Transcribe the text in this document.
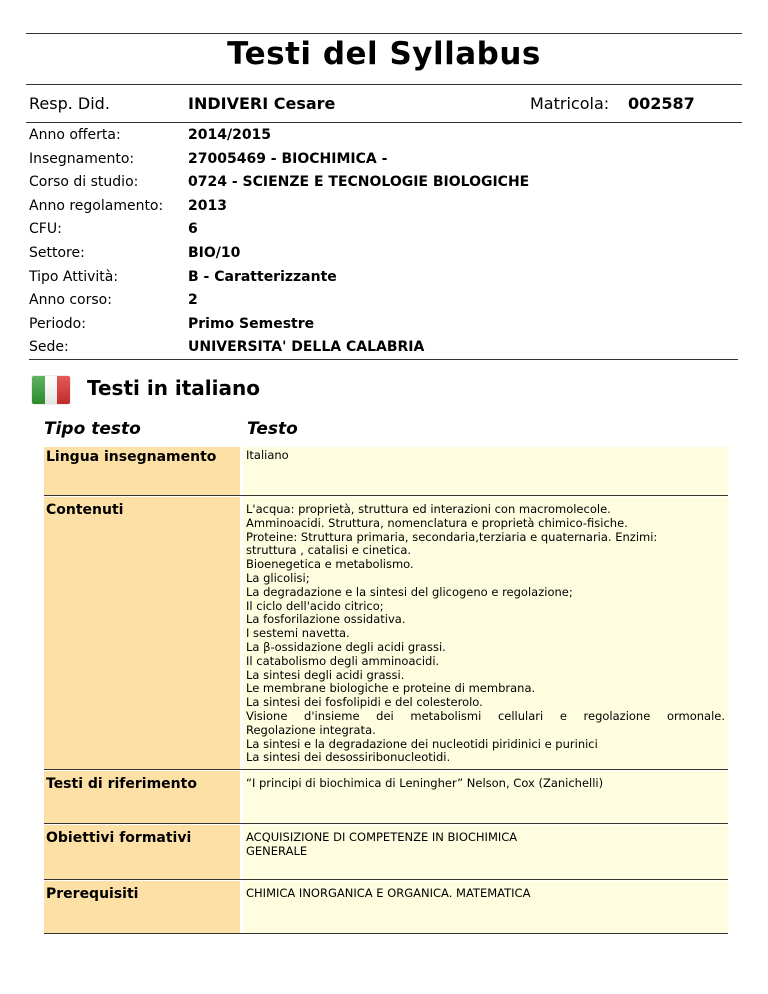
Testi del Syllabus
Resp. Did.	INDIVERI Cesare	Matricola: 002587
Anno offerta:	2014/2015
Insegnamento:	27005469 - BIOCHIMICA -
Corso di studio:	0724 - SCIENZE E TECNOLOGIE BIOLOGICHE
Anno regolamento: 2013
CFU:	6
Settore:	BIO/10
Tipo Attività:	B - Caratterizzante
Anno corso:	2
Periodo:	Primo Semestre
Sede:	UNIVERSITA' DELLA CALABRIA
Testi in italiano
Tipo testo	Testo
Lingua insegnamento	Italiano
Contenuti	L'acqua: proprietà, struttura ed interazioni con macromolecole.
Amminoacidi. Struttura, nomenclatura e proprietà chimico-fisiche.
Proteine: Struttura primaria, secondaria,terziaria e quaternaria. Enzimi:
struttura , catalisi e cinetica.
Bioenegetica e metabolismo.
La glicolisi;
La degradazione e la sintesi del glicogeno e regolazione;
Il ciclo dell'acido citrico;
La fosforilazione ossidativa.
I sestemi navetta.
La β-ossidazione degli acidi grassi.
Il catabolismo degli amminoacidi.
La sintesi degli acidi grassi.
Le membrane biologiche e proteine di membrana.
La sintesi dei fosfolipidi e del colesterolo.
Visione d'insieme dei metabolismi cellulari e regolazione ormonale.
Regolazione integrata.
La sintesi e la degradazione dei nucleotidi piridinici e purinici
La sintesi dei desossiribonucleotidi.
Testi di riferimento	“I principi di biochimica di Leningher” Nelson, Cox (Zanichelli)
Obiettivi formativi	ACQUISIZIONE DI COMPETENZE IN BIOCHIMICA
GENERALE
Prerequisiti	CHIMICA INORGANICA E ORGANICA. MATEMATICA
